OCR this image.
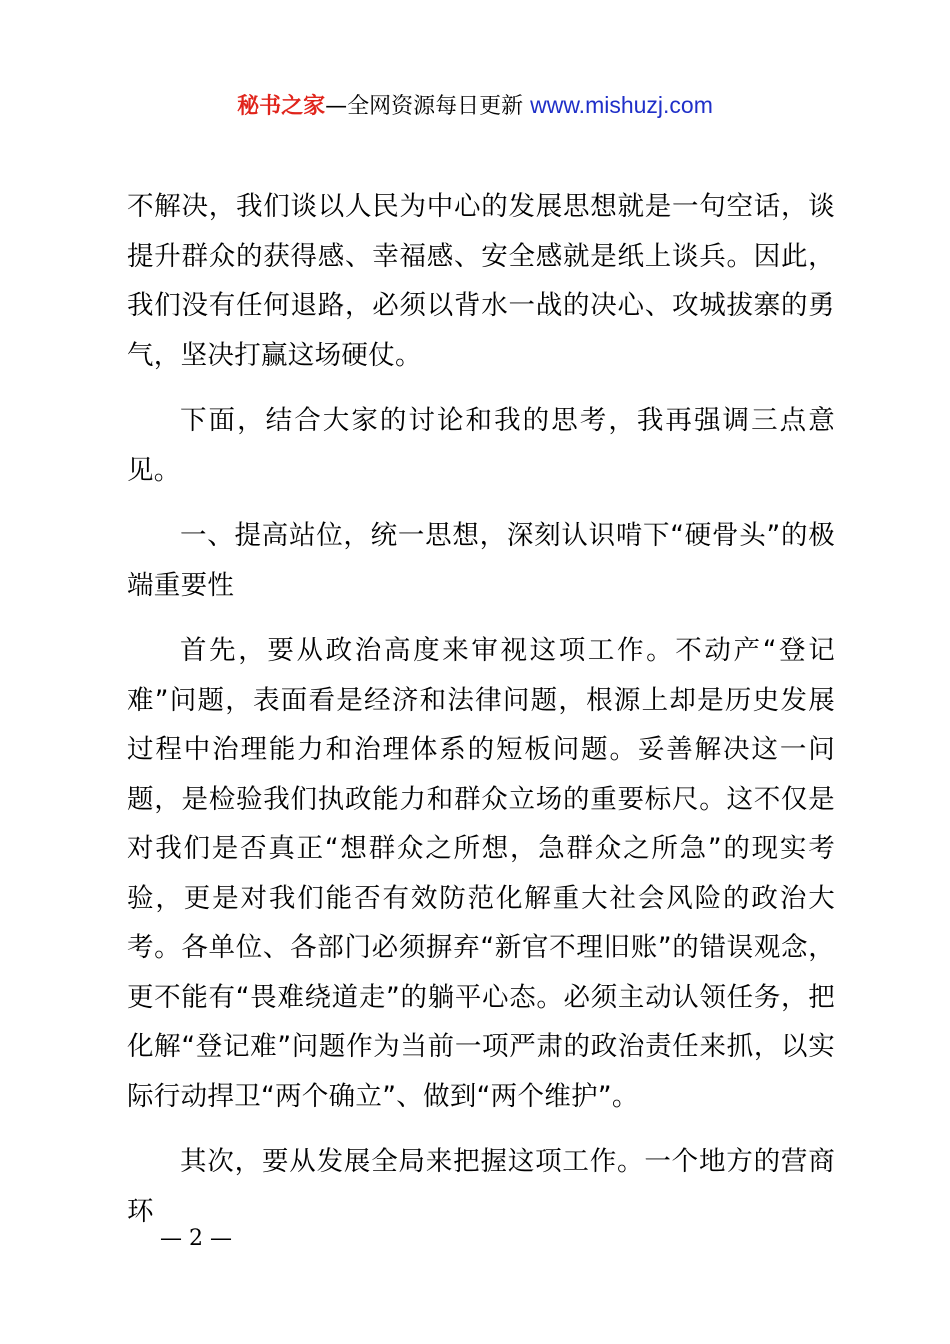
秘书之家—全网资源每日更新 www.mishuzj.com

不解决，我们谈以人民为中心的发展思想就是一句空话，谈提升群众的获得感、幸福感、安全感就是纸上谈兵。因此，我们没有任何退路，必须以背水一战的决心、攻城拔寨的勇气，坚决打赢这场硬仗。

下面，结合大家的讨论和我的思考，我再强调三点意见。

一、提高站位，统一思想，深刻认识啃下“硬骨头”的极端重要性

首先，要从政治高度来审视这项工作。不动产“登记难”问题，表面看是经济和法律问题，根源上却是历史发展过程中治理能力和治理体系的短板问题。妥善解决这一问题，是检验我们执政能力和群众立场的重要标尺。这不仅是对我们是否真正“想群众之所想，急群众之所急”的现实考验，更是对我们能否有效防范化解重大社会风险的政治大考。各单位、各部门必须摒弃“新官不理旧账”的错误观念，更不能有“畏难绕道走”的躺平心态。必须主动认领任务，把化解“登记难”问题作为当前一项严肃的政治责任来抓，以实际行动捍卫“两个确立”、做到“两个维护”。

其次，要从发展全局来把握这项工作。一个地方的营商环

— 2 —
